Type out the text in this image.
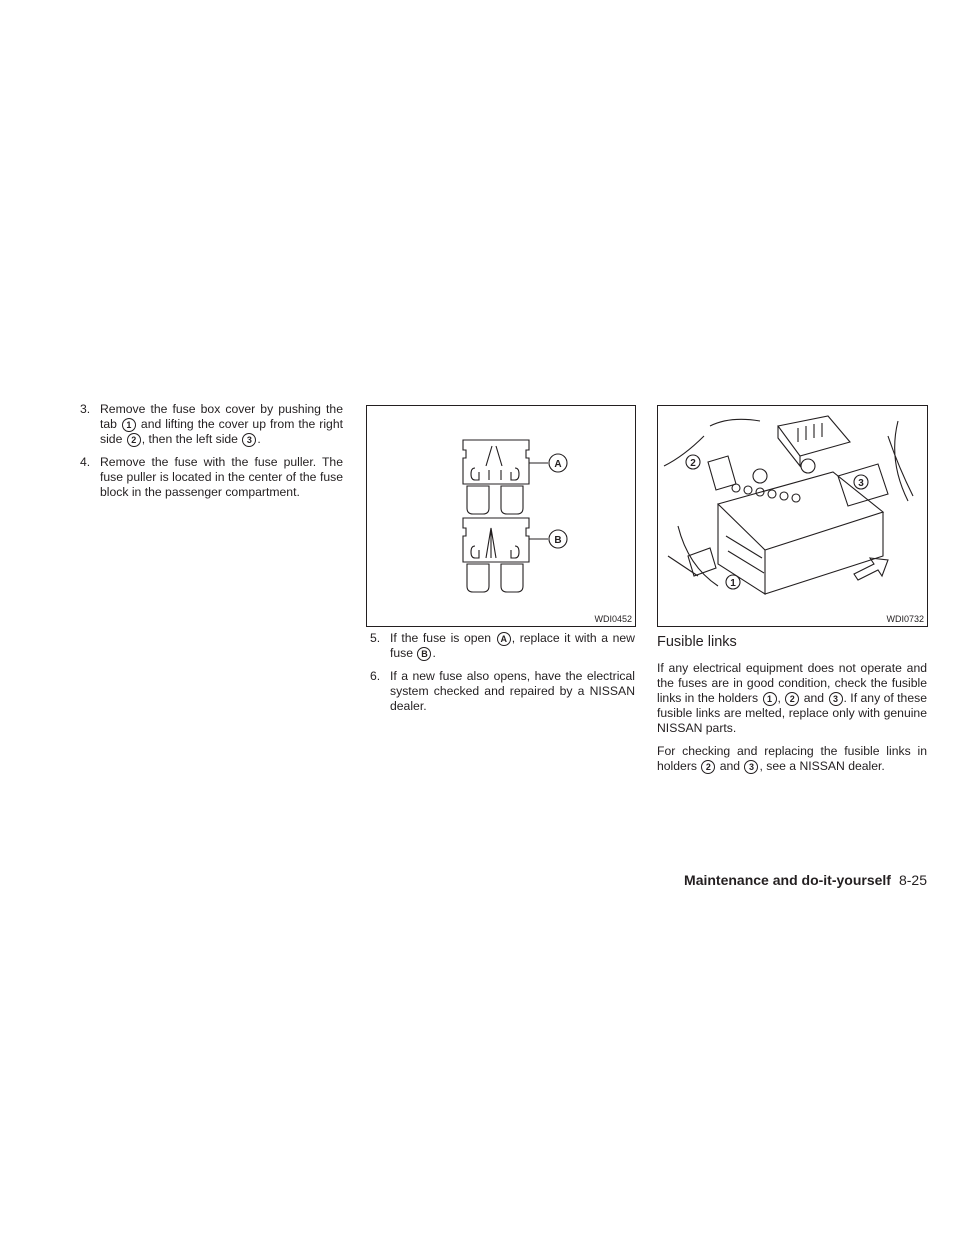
3. Remove the fuse box cover by pushing the tab 1 and lifting the cover up from the right side 2 , then the left side 3 .
4. Remove the fuse with the fuse puller. The fuse puller is located in the center of the fuse block in the passenger compartment.
A
B
WDI0452
2
3
1
WDI0732
5. If the fuse is open A , replace it with a new fuse B .
6. If a new fuse also opens, have the electrical system checked and repaired by a NISSAN dealer.
Fusible links

If any electrical equipment does not operate and the fuses are in good condition, check the fusible links in the holders 1 , 2 and 3 . If any of these fusible links are melted, replace only with genuine NISSAN parts.

For checking and replacing the fusible links in holders 2 and 3 , see a NISSAN dealer.

Maintenance and do-it-yourself 8-25
